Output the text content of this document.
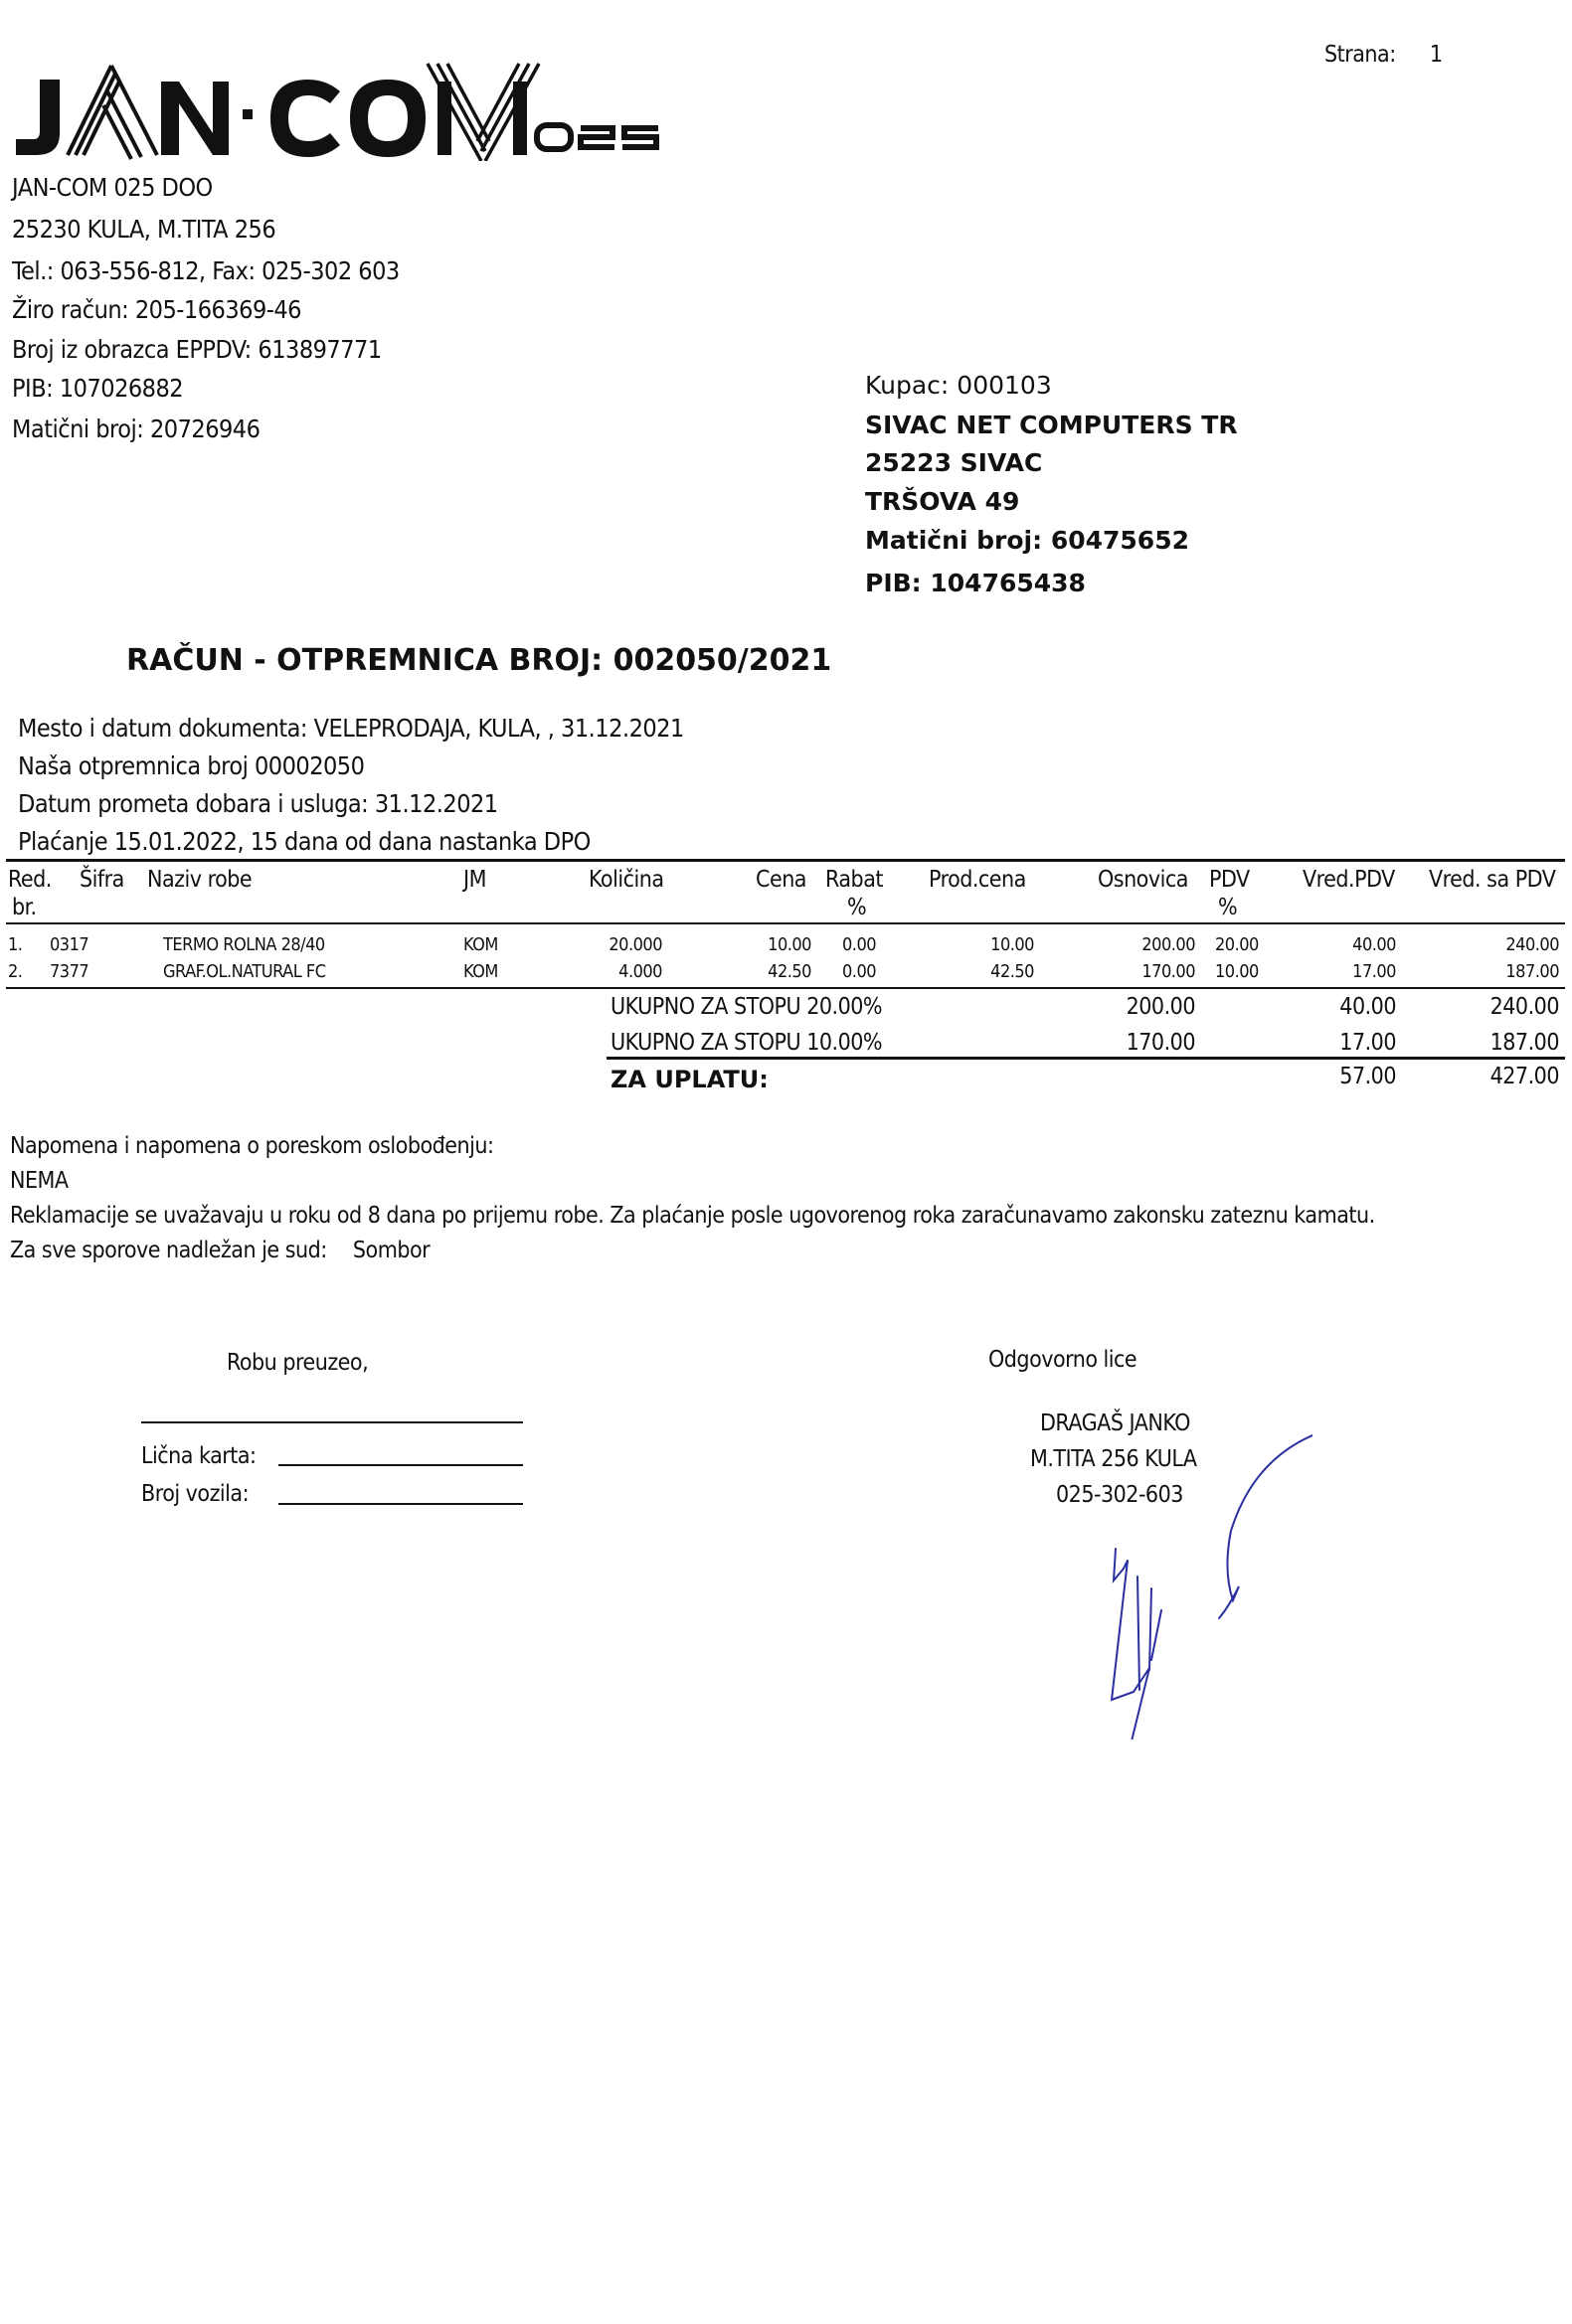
Strana: 1
JAN-COM 025 DOO
25230 KULA, M.TITA 256
Tel.: 063-556-812, Fax: 025-302 603
Žiro račun: 205-166369-46
Broj iz obrazca EPPDV: 613897771
PIB: 107026882
Matični broj: 20726946
Kupac: 000103
SIVAC NET COMPUTERS TR
25223 SIVAC
TRŠOVA 49
Matični broj: 60475652
PIB: 104765438
RAČUN - OTPREMNICA BROJ: 002050/2021
Mesto i datum dokumenta: VELEPRODAJA, KULA, , 31.12.2021
Naša otpremnica broj 00002050
Datum prometa dobara i usluga: 31.12.2021
Plaćanje 15.01.2022, 15 dana od dana nastanka DPO
Red.
br.
Šifra Naziv robe	JM	Količina	Cena Rabat
%
Prod.cena	Osnovica PDV
%
Vred.PDV Vred. sa PDV
1. 0317	TERMO ROLNA 28/40	KOM	20.000	10.00 0.00	10.00	200.00 20.00	40.00	240.00
2. 7377	GRAF.OL.NATURAL FC	KOM	4.000	42.50 0.00	42.50	170.00 10.00	17.00	187.00
UKUPNO ZA STOPU 20.00%	200.00	40.00	240.00
UKUPNO ZA STOPU 10.00%	170.00	17.00	187.00
ZA UPLATU:	57.00	427.00
Napomena i napomena o poreskom oslobođenju:
NEMA
Reklamacije se uvažavaju u roku od 8 dana po prijemu robe. Za plaćanje posle ugovorenog roka zaračunavamo zakonsku zateznu kamatu.
Za sve sporove nadležan je sud: Sombor
Robu preuzeo,
Lična karta:
Broj vozila:
Odgovorno lice
DRAGAŠ JANKO
M.TITA 256 KULA
025-302-603
